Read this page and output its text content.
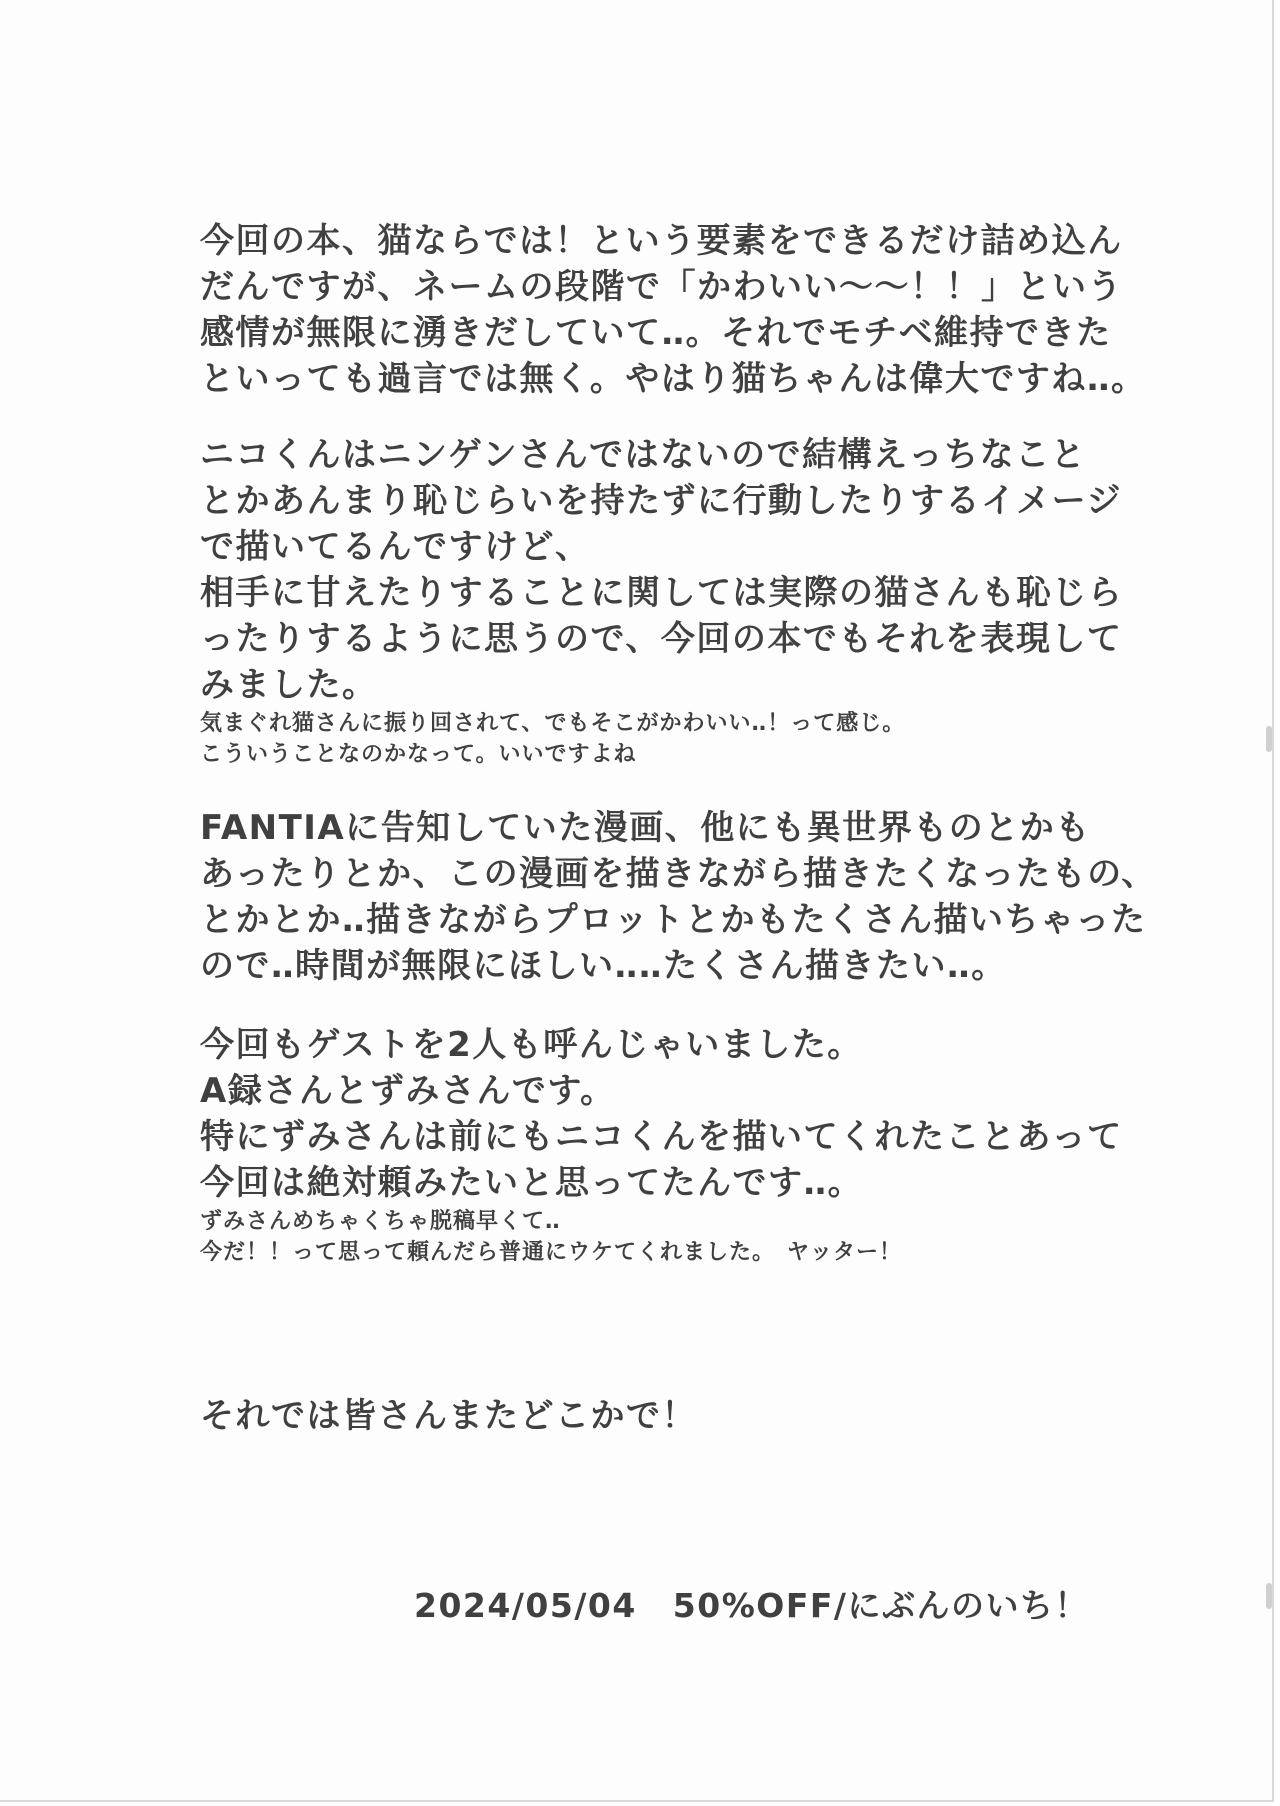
今回の本、猫ならでは！という要素をできるだけ詰め込ん
だんですが、ネームの段階で「かわいい〜〜！！」という
感情が無限に湧きだしていて‥。それでモチベ維持できた
といっても過言では無く。やはり猫ちゃんは偉大ですね‥。
ニコくんはニンゲンさんではないので結構えっちなこと
とかあんまり恥じらいを持たずに行動したりするイメージ
で描いてるんですけど、
相手に甘えたりすることに関しては実際の猫さんも恥じら
ったりするように思うので、今回の本でもそれを表現して
みました。
気まぐれ猫さんに振り回されて、でもそこがかわいい‥！って感じ。
こういうことなのかなって。いいですよね
FANTIAに告知していた漫画、他にも異世界ものとかも
あったりとか、この漫画を描きながら描きたくなったもの、
とかとか‥描きながらプロットとかもたくさん描いちゃった
ので‥時間が無限にほしい‥‥たくさん描きたい‥。
今回もゲストを2人も呼んじゃいました。
A録さんとずみさんです。
特にずみさんは前にもニコくんを描いてくれたことあって
今回は絶対頼みたいと思ってたんです‥。
ずみさんめちゃくちゃ脱稿早くて‥
今だ！！って思って頼んだら普通にウケてくれました。　ヤッター！
それでは皆さんまたどこかで！
2024/05/04 50%OFF/にぶんのいち！
